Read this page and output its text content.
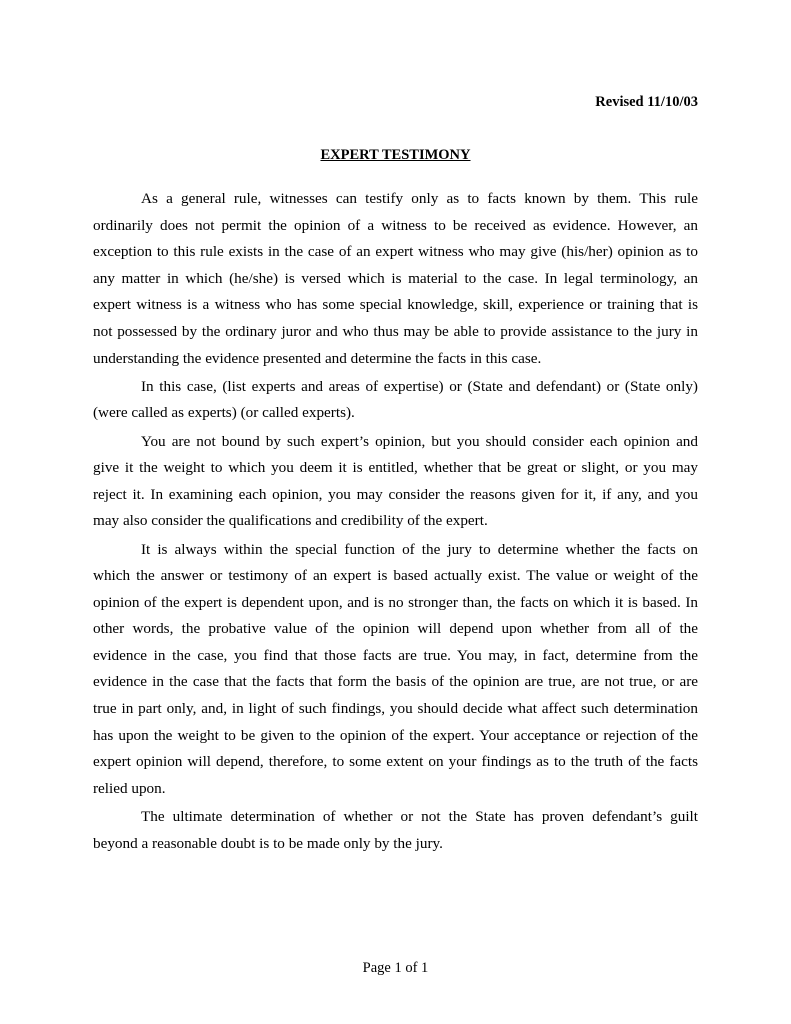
Revised 11/10/03
EXPERT TESTIMONY
As a general rule, witnesses can testify only as to facts known by them. This rule
ordinarily does not permit the opinion of a witness to be received as evidence. However, an
exception to this rule exists in the case of an expert witness who may give (his/her) opinion as to
any matter in which (he/she) is versed which is material to the case. In legal terminology, an
expert witness is a witness who has some special knowledge, skill, experience or training that is
not possessed by the ordinary juror and who thus may be able to provide assistance to the jury in
understanding the evidence presented and determine the facts in this case.
In this case, (list experts and areas of expertise) or (State and defendant) or (State only)
(were called as experts) (or called experts).
You are not bound by such expert’s opinion, but you should consider each opinion and
give it the weight to which you deem it is entitled, whether that be great or slight, or you may
reject it. In examining each opinion, you may consider the reasons given for it, if any, and you
may also consider the qualifications and credibility of the expert.
It is always within the special function of the jury to determine whether the facts on
which the answer or testimony of an expert is based actually exist. The value or weight of the
opinion of the expert is dependent upon, and is no stronger than, the facts on which it is based. In
other words, the probative value of the opinion will depend upon whether from all of the
evidence in the case, you find that those facts are true. You may, in fact, determine from the
evidence in the case that the facts that form the basis of the opinion are true, are not true, or are
true in part only, and, in light of such findings, you should decide what affect such determination
has upon the weight to be given to the opinion of the expert. Your acceptance or rejection of the
expert opinion will depend, therefore, to some extent on your findings as to the truth of the facts
relied upon.
The ultimate determination of whether or not the State has proven defendant’s guilt
beyond a reasonable doubt is to be made only by the jury.
Page 1 of 1
